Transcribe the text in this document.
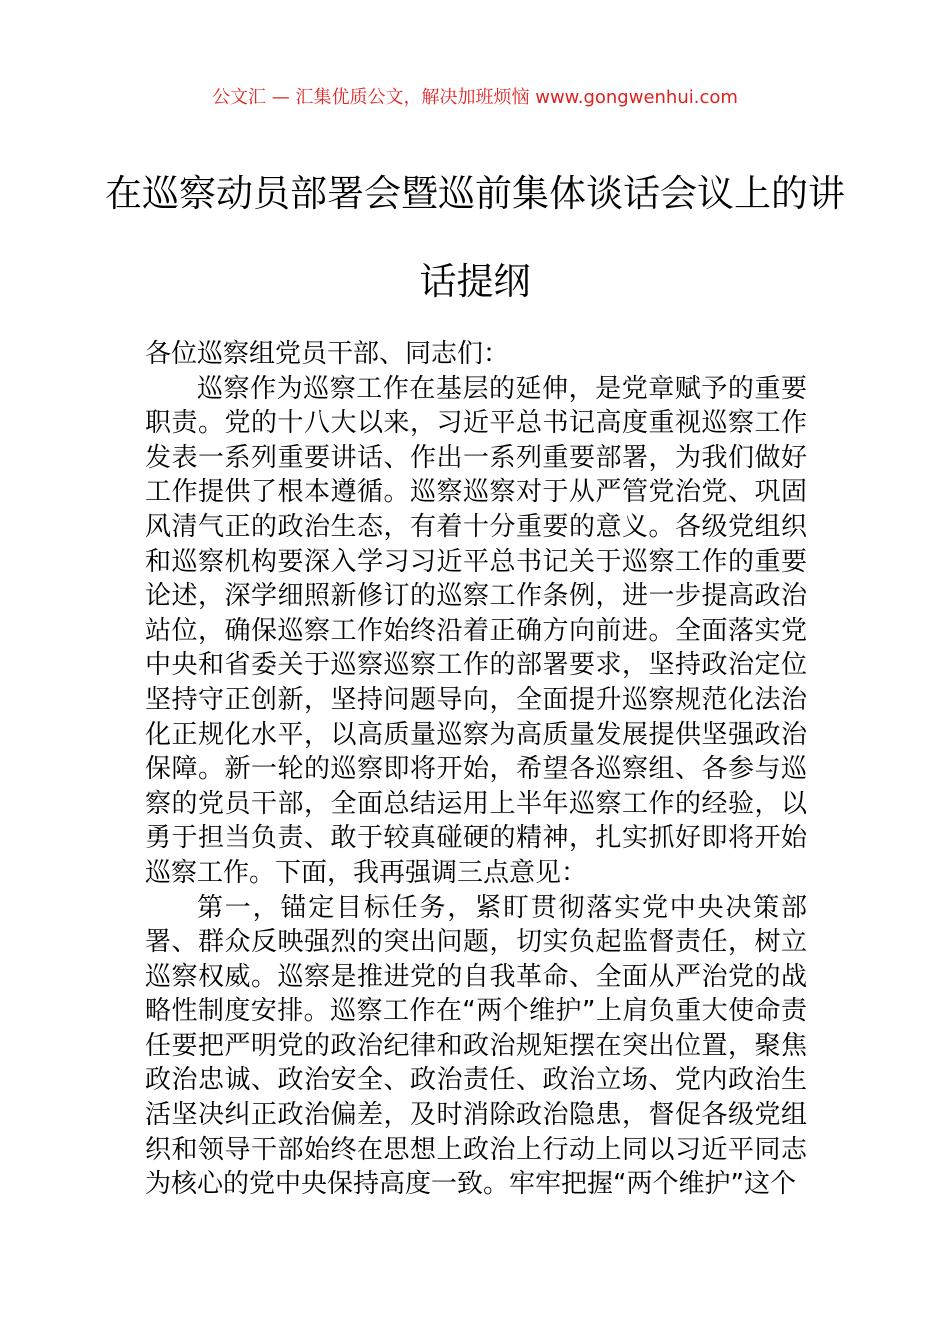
公文汇 — 汇集优质公文，解决加班烦恼 www.gongwenhui.com
在巡察动员部署会暨巡前集体谈话会议上的讲话提纲

各位巡察组党员干部、同志们：

巡察作为巡察工作在基层的延伸，是党章赋予的重要职责。党的十八大以来，习近平总书记高度重视巡察工作发表一系列重要讲话、作出一系列重要部署，为我们做好工作提供了根本遵循。巡察巡察对于从严管党治党、巩固风清气正的政治生态，有着十分重要的意义。各级党组织和巡察机构要深入学习习近平总书记关于巡察工作的重要论述，深学细照新修订的巡察工作条例，进一步提高政治站位，确保巡察工作始终沿着正确方向前进。全面落实党中央和省委关于巡察巡察工作的部署要求，坚持政治定位坚持守正创新，坚持问题导向，全面提升巡察规范化法治化正规化水平，以高质量巡察为高质量发展提供坚强政治保障。新一轮的巡察即将开始，希望各巡察组、各参与巡察的党员干部，全面总结运用上半年巡察工作的经验，以勇于担当负责、敢于较真碰硬的精神，扎实抓好即将开始巡察工作。下面，我再强调三点意见：

第一，锚定目标任务，紧盯贯彻落实党中央决策部署、群众反映强烈的突出问题，切实负起监督责任，树立巡察权威。巡察是推进党的自我革命、全面从严治党的战略性制度安排。巡察工作在“两个维护”上肩负重大使命责任要把严明党的政治纪律和政治规矩摆在突出位置，聚焦政治忠诚、政治安全、政治责任、政治立场、党内政治生活坚决纠正政治偏差，及时消除政治隐患，督促各级党组织和领导干部始终在思想上政治上行动上同以习近平同志为核心的党中央保持高度一致。牢牢把握“两个维护”这个
